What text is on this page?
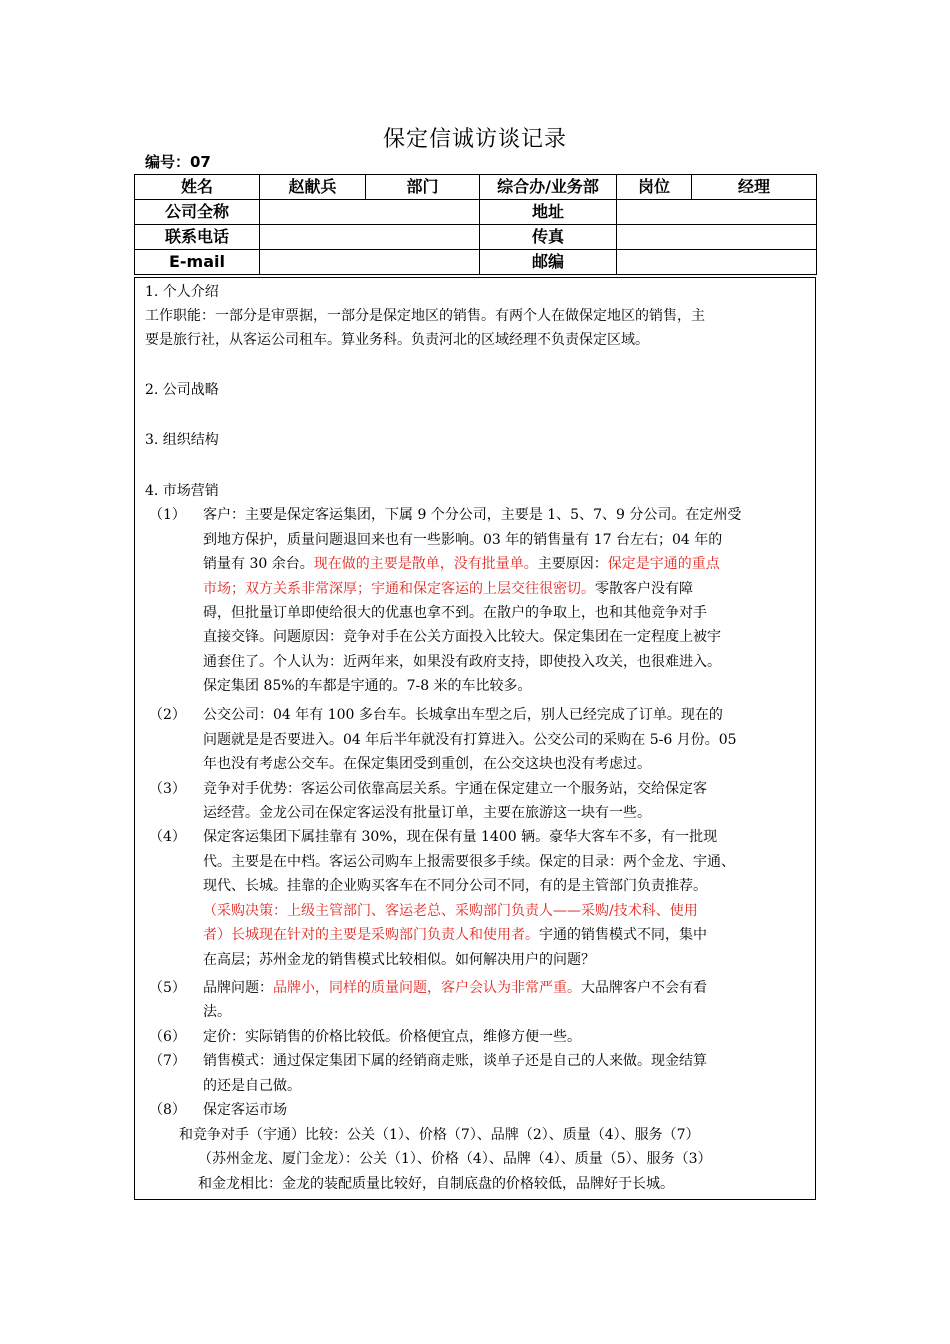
保定信诚访谈记录
编号：07
姓名	赵献兵	部门	综合办/业务部	岗位	经理
公司全称			地址		
联系电话			传真		
E-mail			邮编		
1. 个人介绍
工作职能：一部分是审票据，一部分是保定地区的销售。有两个人在做保定地区的销售，主
要是旅行社，从客运公司租车。算业务科。负责河北的区域经理不负责保定区域。
2. 公司战略
3. 组织结构
4. 市场营销
（1） 客户：主要是保定客运集团，下属 9 个分公司，主要是 1、5、7、9 分公司。在定州受
到地方保护，质量问题退回来也有一些影响。03 年的销售量有 17 台左右；04 年的
销量有 30 余台。现在做的主要是散单，没有批量单。主要原因：保定是宇通的重点
市场；双方关系非常深厚；宇通和保定客运的上层交往很密切。零散客户没有障
碍，但批量订单即使给很大的优惠也拿不到。在散户的争取上，也和其他竞争对手
直接交锋。问题原因：竞争对手在公关方面投入比较大。保定集团在一定程度上被宇
通套住了。个人认为：近两年来，如果没有政府支持，即使投入攻关，也很难进入。
保定集团 85%的车都是宇通的。7-8 米的车比较多。
（2） 公交公司：04 年有 100 多台车。长城拿出车型之后，别人已经完成了订单。现在的
问题就是是否要进入。04 年后半年就没有打算进入。公交公司的采购在 5-6 月份。05
年也没有考虑公交车。在保定集团受到重创，在公交这块也没有考虑过。
（3） 竞争对手优势：客运公司依靠高层关系。宇通在保定建立一个服务站，交给保定客
运经营。金龙公司在保定客运没有批量订单，主要在旅游这一块有一些。
（4） 保定客运集团下属挂靠有 30%，现在保有量 1400 辆。豪华大客车不多，有一批现
代。主要是在中档。客运公司购车上报需要很多手续。保定的目录：两个金龙、宇通、
现代、长城。挂靠的企业购买客车在不同分公司不同，有的是主管部门负责推荐。
（采购决策：上级主管部门、客运老总、采购部门负责人——采购/技术科、使用
者）长城现在针对的主要是采购部门负责人和使用者。宇通的销售模式不同，集中
在高层；苏州金龙的销售模式比较相似。如何解决用户的问题？
（5） 品牌问题：品牌小，同样的质量问题，客户会认为非常严重。大品牌客户不会有看
法。
（6） 定价：实际销售的价格比较低。价格便宜点，维修方便一些。
（7） 销售模式：通过保定集团下属的经销商走账，谈单子还是自己的人来做。现金结算
的还是自己做。
（8） 保定客运市场
和竞争对手（宇通）比较：公关（1）、价格（7）、品牌（2）、质量（4）、服务（7）
（苏州金龙、厦门金龙）：公关（1）、价格（4）、品牌（4）、质量（5）、服务（3）
和金龙相比：金龙的装配质量比较好，自制底盘的价格较低，品牌好于长城。
